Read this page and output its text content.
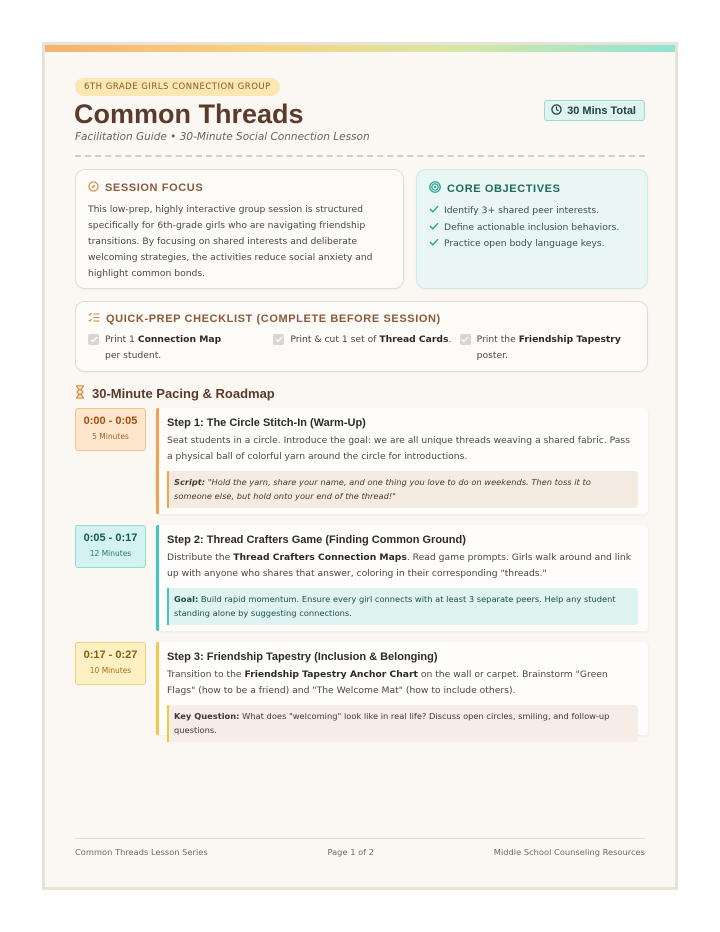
6TH GRADE GIRLS CONNECTION GROUP
Common Threads
Facilitation Guide • 30-Minute Social Connection Lesson
30 Mins Total
SESSION FOCUS

This low-prep, highly interactive group session is structured specifically for 6th-grade girls who are navigating friendship transitions. By focusing on shared interests and deliberate welcoming strategies, the activities reduce social anxiety and highlight common bonds.

CORE OBJECTIVES
Identify 3+ shared peer interests.
Define actionable inclusion behaviors.
Practice open body language keys.
QUICK-PREP CHECKLIST (COMPLETE BEFORE SESSION)
Print 1 Connection Map per student.
Print & cut 1 set of Thread Cards.	Print the Friendship Tapestry poster.
30-Minute Pacing & Roadmap
0:00 - 0:05
5 Minutes
Step 1: The Circle Stitch-In (Warm-Up)
Seat students in a circle. Introduce the goal: we are all unique threads weaving a shared fabric. Pass a physical ball of colorful yarn around the circle for introductions.
Script: "Hold the yarn, share your name, and one thing you love to do on weekends. Then toss it to someone else, but hold onto your end of the thread!"
0:05 - 0:17
12 Minutes
Step 2: Thread Crafters Game (Finding Common Ground)
Distribute the Thread Crafters Connection Maps. Read game prompts. Girls walk around and link up with anyone who shares that answer, coloring in their corresponding "threads."
Goal: Build rapid momentum. Ensure every girl connects with at least 3 separate peers. Help any student standing alone by suggesting connections.
0:17 - 0:27
10 Minutes
Step 3: Friendship Tapestry (Inclusion & Belonging)
Transition to the Friendship Tapestry Anchor Chart on the wall or carpet. Brainstorm "Green Flags" (how to be a friend) and "The Welcome Mat" (how to include others).
Key Question: What does "welcoming" look like in real life? Discuss open circles, smiling, and follow-up questions.
Common Threads Lesson Series	Page 1 of 2	Middle School Counseling Resources
